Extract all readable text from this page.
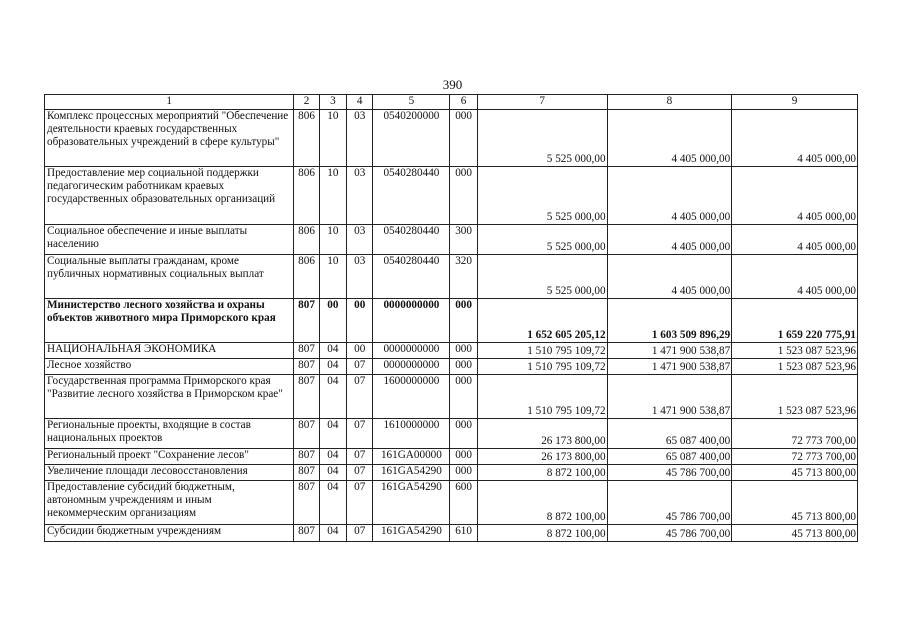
390
1	2	3	4	5	6	7	8	9
Комплекс процессных мероприятий "Обеспечение деятельности краевых государственных образовательных учреждений в сфере культуры"	806	10	03	0540200000	000	5 525 000,00	4 405 000,00	4 405 000,00
Предоставление мер социальной поддержки педагогическим работникам краевых государственных образовательных организаций	806	10	03	0540280440	000	5 525 000,00	4 405 000,00	4 405 000,00
Социальное обеспечение и иные выплаты населению	806	10	03	0540280440	300	5 525 000,00	4 405 000,00	4 405 000,00
Социальные выплаты гражданам, кроме публичных нормативных социальных выплат	806	10	03	0540280440	320	5 525 000,00	4 405 000,00	4 405 000,00
Министерство лесного хозяйства и охраны объектов животного мира Приморского края	807	00	00	0000000000	000	1 652 605 205,12	1 603 509 896,29	1 659 220 775,91
НАЦИОНАЛЬНАЯ ЭКОНОМИКА	807	04	00	0000000000	000	1 510 795 109,72	1 471 900 538,87	1 523 087 523,96
Лесное хозяйство	807	04	07	0000000000	000	1 510 795 109,72	1 471 900 538,87	1 523 087 523,96
Государственная программа Приморского края "Развитие лесного хозяйства в Приморском крае"	807	04	07	1600000000	000	1 510 795 109,72	1 471 900 538,87	1 523 087 523,96
Региональные проекты, входящие в состав национальных проектов	807	04	07	1610000000	000	26 173 800,00	65 087 400,00	72 773 700,00
Региональный проект "Сохранение лесов"	807	04	07	161GA00000	000	26 173 800,00	65 087 400,00	72 773 700,00
Увеличение площади лесовосстановления	807	04	07	161GA54290	000	8 872 100,00	45 786 700,00	45 713 800,00
Предоставление субсидий бюджетным, автономным учреждениям и иным некоммерческим организациям	807	04	07	161GA54290	600	8 872 100,00	45 786 700,00	45 713 800,00
Субсидии бюджетным учреждениям	807	04	07	161GA54290	610	8 872 100,00	45 786 700,00	45 713 800,00
